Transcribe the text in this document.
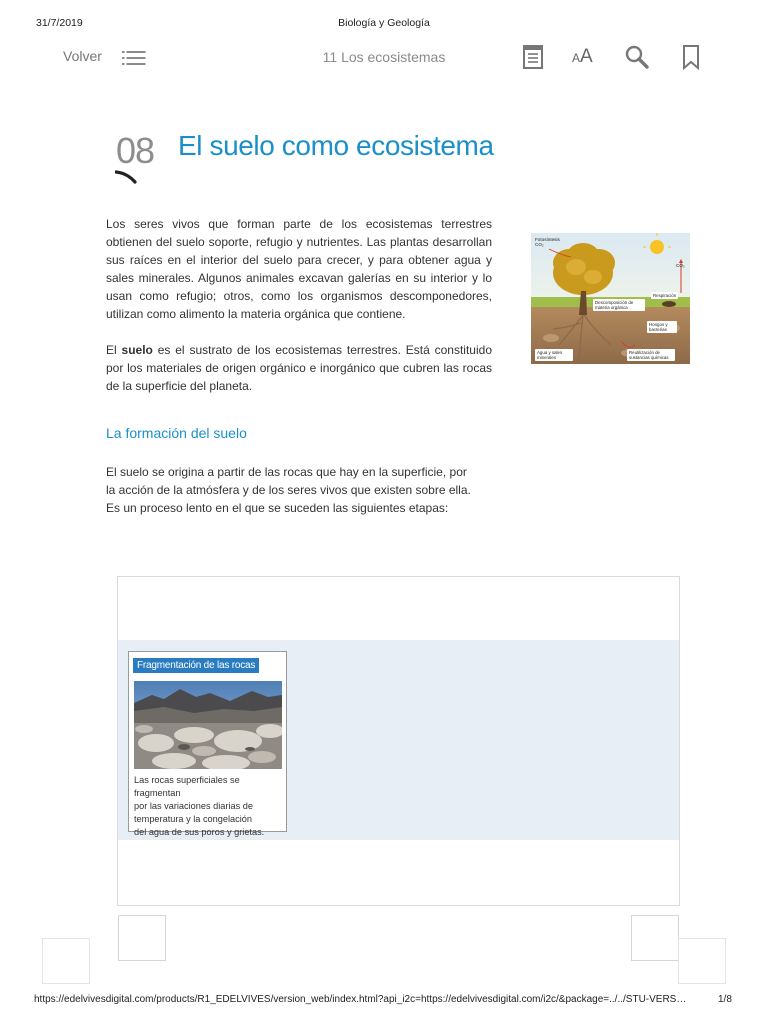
31/7/2019	Biología y Geología
https://edelvivesdigital.com/products/R1_EDELVIVES/version_web/index.html?api_i2c=https://edelvivesdigital.com/i2c/&package=../../STU-VERS…	1/8
Volver	11 Los ecosistemas	AA
08 El suelo como ecosistema
Los seres vivos que forman parte de los ecosistemas terrestres obtienen del suelo soporte, refugio y nutrientes. Las plantas desarrollan sus raíces en el interior del suelo para crecer, y para obtener agua y sales minerales. Algunos animales excavan galerías en su interior y lo usan como refugio; otros, como los organismos descomponedores, utilizan como alimento la materia orgánica que contiene.
El suelo es el sustrato de los ecosistemas terrestres. Está constituido por los materiales de origen orgánico e inorgánico que cubren las rocas de la superficie del planeta.
La formación del suelo
El suelo se origina a partir de las rocas que hay en la superficie, por
la acción de la atmósfera y de los seres vivos que existen sobre ella.
Es un proceso lento en el que se suceden las siguientes etapas:
Fotosíntesis
CO₂
CO₂
Descomposición de materia orgánica
Respiración
Hongos y bacterias
Agua y sales minerales
Reutilización de sustancias químicas
Fragmentación de las rocas
Las rocas superficiales se fragmentan
por las variaciones diarias de
temperatura y la congelación
del agua de sus poros y grietas.
